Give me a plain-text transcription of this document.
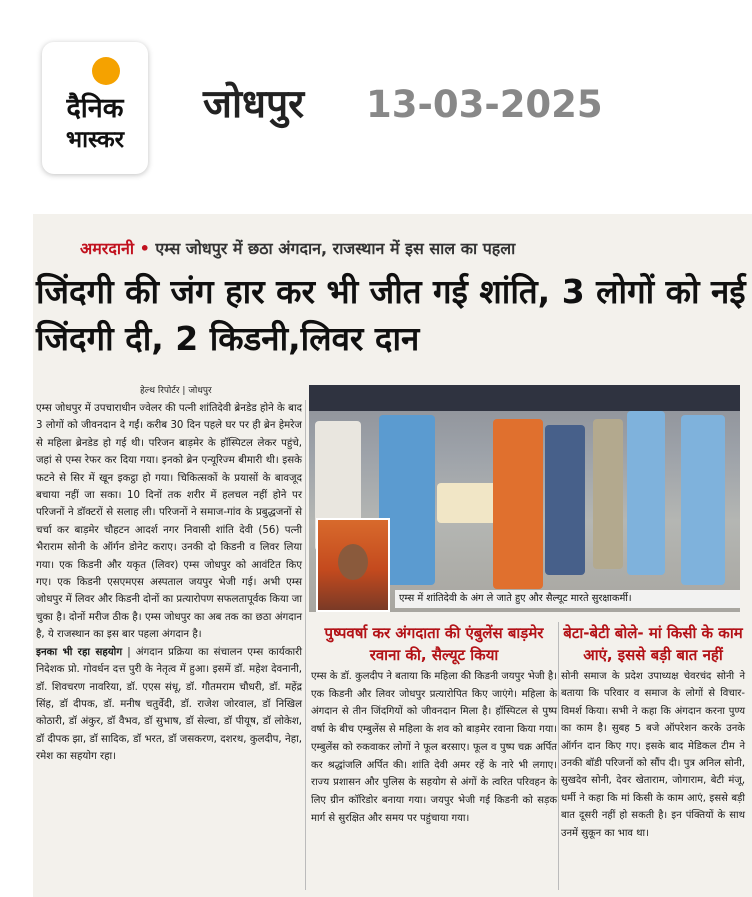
दैनिक
भास्कर
जोधपुर 13-03-2025
अमरदानी • एम्स जोधपुर में छठा अंगदान, राजस्थान में इस साल का पहला
जिंदगी की जंग हार कर भी जीत गई शांति, 3 लोगों को नई जिंदगी दी, 2 किडनी,लिवर दान
हेल्थ रिपोर्टर | जोधपुर

एम्स जोधपुर में उपचाराधीन ज्वेलर की पत्नी शांतिदेवी ब्रेनडेड होने के बाद 3 लोगों को जीवनदान दे गईं। करीब 30 दिन पहले घर पर ही ब्रेन हेमरेज से महिला ब्रेनडेड हो गई थी। परिजन बाड़मेर के हॉस्पिटल लेकर पहुंचे, जहां से एम्स रेफर कर दिया गया। इनको ब्रेन एन्यूरिज्म बीमारी थी। इसके फटने से सिर में खून इकट्ठा हो गया। चिकित्सकों के प्रयासों के बावजूद बचाया नहीं जा सका। 10 दिनों तक शरीर में हलचल नहीं होने पर परिजनों ने डॉक्टरों से सलाह ली। परिजनों ने समाज-गांव के प्रबुद्धजनों से चर्चा कर बाड़मेर चौहटन आदर्श नगर निवासी शांति देवी (56) पत्नी भैराराम सोनी के ऑर्गन डोनेट कराए। उनकी दो किडनी व लिवर लिया गया। एक किडनी और यकृत (लिवर) एम्स जोधपुर को आवंटित किए गए। एक किडनी एसएमएस अस्पताल जयपुर भेजी गई। अभी एम्स जोधपुर में लिवर और किडनी दोनों का प्रत्यारोपण सफलतापूर्वक किया जा चुका है। दोनों मरीज ठीक है। एम्स जोधपुर का अब तक का छठा अंगदान है, ये राजस्थान का इस बार पहला अंगदान है।

इनका भी रहा सहयोग | अंगदान प्रक्रिया का संचालन एम्स कार्यकारी निदेशक प्रो. गोवर्धन दत्त पुरी के नेतृत्व में हुआ। इसमें डॉ. महेश देवनानी, डॉ. शिवचरण नावरिया, डॉ. एएस संधू, डॉ. गौतमराम चौधरी, डॉ. महेंद्र सिंह, डॉ दीपक, डॉ. मनीष चतुर्वेदी, डॉ. राजेश जोरवाल, डॉ निखिल कोठारी, डॉ अंकुर, डॉ वैभव, डॉ सुभाष, डॉ सेल्वा, डॉ पीयूष, डॉ लोकेश, डॉ दीपक झा, डॉ सादिक, डॉ भरत, डॉ जसकरण, दशरथ, कुलदीप, नेहा, रमेश का सहयोग रहा।

एम्स में शांतिदेवी के अंग ले जाते हुए और सैल्यूट मारते सुरक्षाकर्मी।
पुष्पवर्षा कर अंगदाता की एंबुलेंस बाड़मेर रवाना की, सैल्यूट किया
एम्स के डॉ. कुलदीप ने बताया कि महिला की किडनी जयपुर भेजी है। एक किडनी और लिवर जोधपुर प्रत्यारोपित किए जाएंगे। महिला के अंगदान से तीन जिंदगियों को जीवनदान मिला है। हॉस्पिटल से पुष्प वर्षा के बीच एम्बुलेंस से महिला के शव को बाड़मेर रवाना किया गया। एम्बुलेंस को रुकवाकर लोगों ने फूल बरसाए। फूल व पुष्प चक्र अर्पित कर श्रद्धांजलि अर्पित की। शांति देवी अमर रहें के नारे भी लगाए। राज्य प्रशासन और पुलिस के सहयोग से अंगों के त्वरित परिवहन के लिए ग्रीन कॉरिडोर बनाया गया। जयपुर भेजी गई किडनी को सड़क मार्ग से सुरक्षित और समय पर पहुंचाया गया।
बेटा-बेटी बोले- मां किसी के काम आएं, इससे बड़ी बात नहीं
सोनी समाज के प्रदेश उपाध्यक्ष चेवरचंद सोनी ने बताया कि परिवार व समाज के लोगों से विचार-विमर्श किया। सभी ने कहा कि अंगदान करना पुण्य का काम है। सुबह 5 बजे ऑपरेशन करके उनके ऑर्गन दान किए गए। इसके बाद मेडिकल टीम ने उनकी बॉडी परिजनों को सौंप दी। पुत्र अनिल सोनी, सुखदेव सोनी, देवर खेताराम, जोगाराम, बेटी मंजू, धर्मी ने कहा कि मां किसी के काम आएं, इससे बड़ी बात दूसरी नहीं हो सकती है। इन पंक्तियों के साथ उनमें सुकून का भाव था।
